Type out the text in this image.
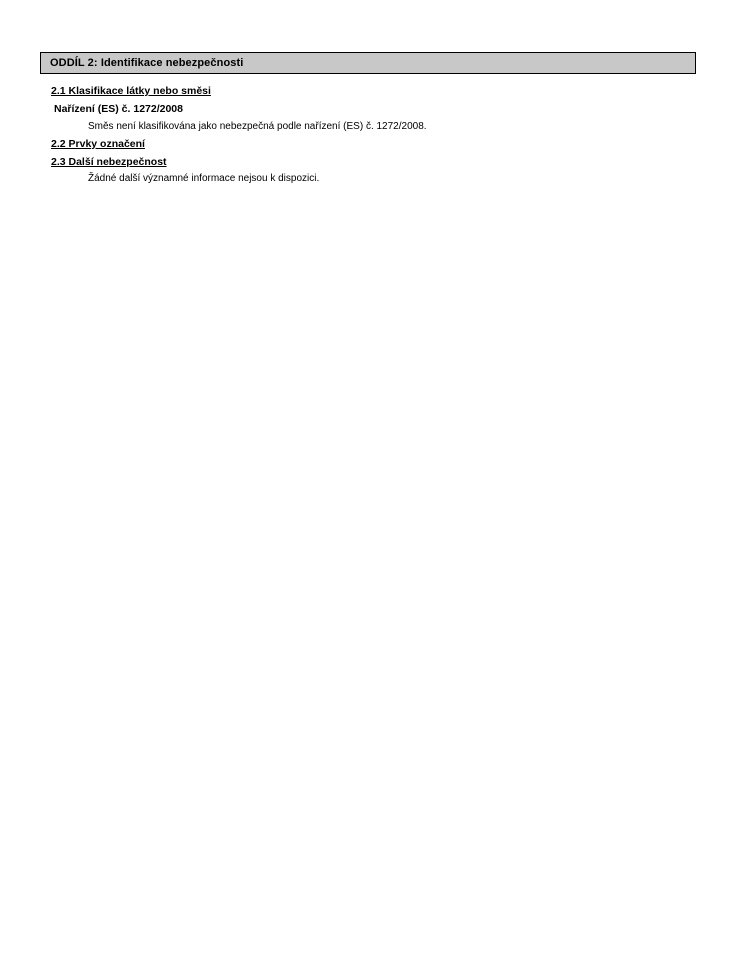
ODDÍL 2: Identifikace nebezpečnosti
2.1 Klasifikace látky nebo směsi
Nařízení (ES) č. 1272/2008
Směs není klasifikována jako nebezpečná podle nařízení (ES) č. 1272/2008.
2.2 Prvky označení
2.3 Další nebezpečnost
Žádné další významné informace nejsou k dispozici.
